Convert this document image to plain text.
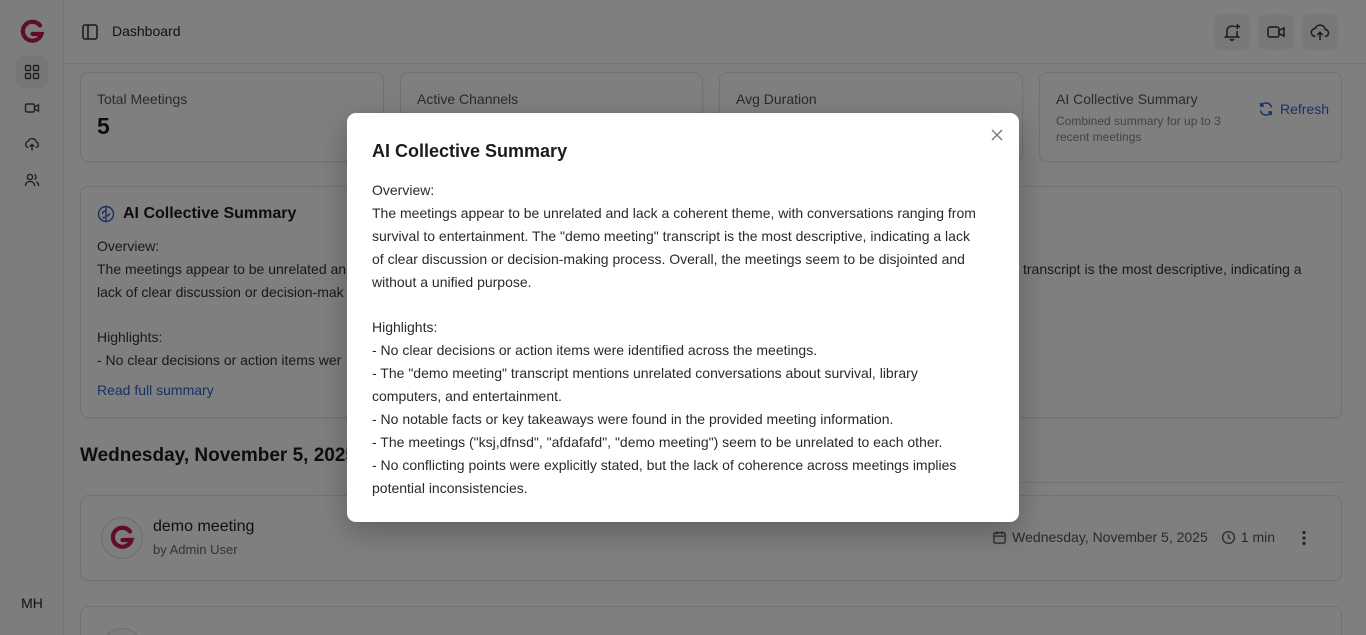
AI Collective Summary

Overview:

The meetings appear to be unrelated and lack a coherent theme, with conversations ranging from

survival to entertainment. The "demo meeting" transcript is the most descriptive, indicating a lack

of clear discussion or decision-making process. Overall, the meetings seem to be disjointed and

without a unified purpose.

Highlights:

- No clear decisions or action items were identified across the meetings.

- The "demo meeting" transcript mentions unrelated conversations about survival, library

computers, and entertainment.

- No notable facts or key takeaways were found in the provided meeting information.

- The meetings ("ksj,dfnsd", "afdafafd", "demo meeting") seem to be unrelated to each other.

- No conflicting points were explicitly stated, but the lack of coherence across meetings implies

potential inconsistencies.
